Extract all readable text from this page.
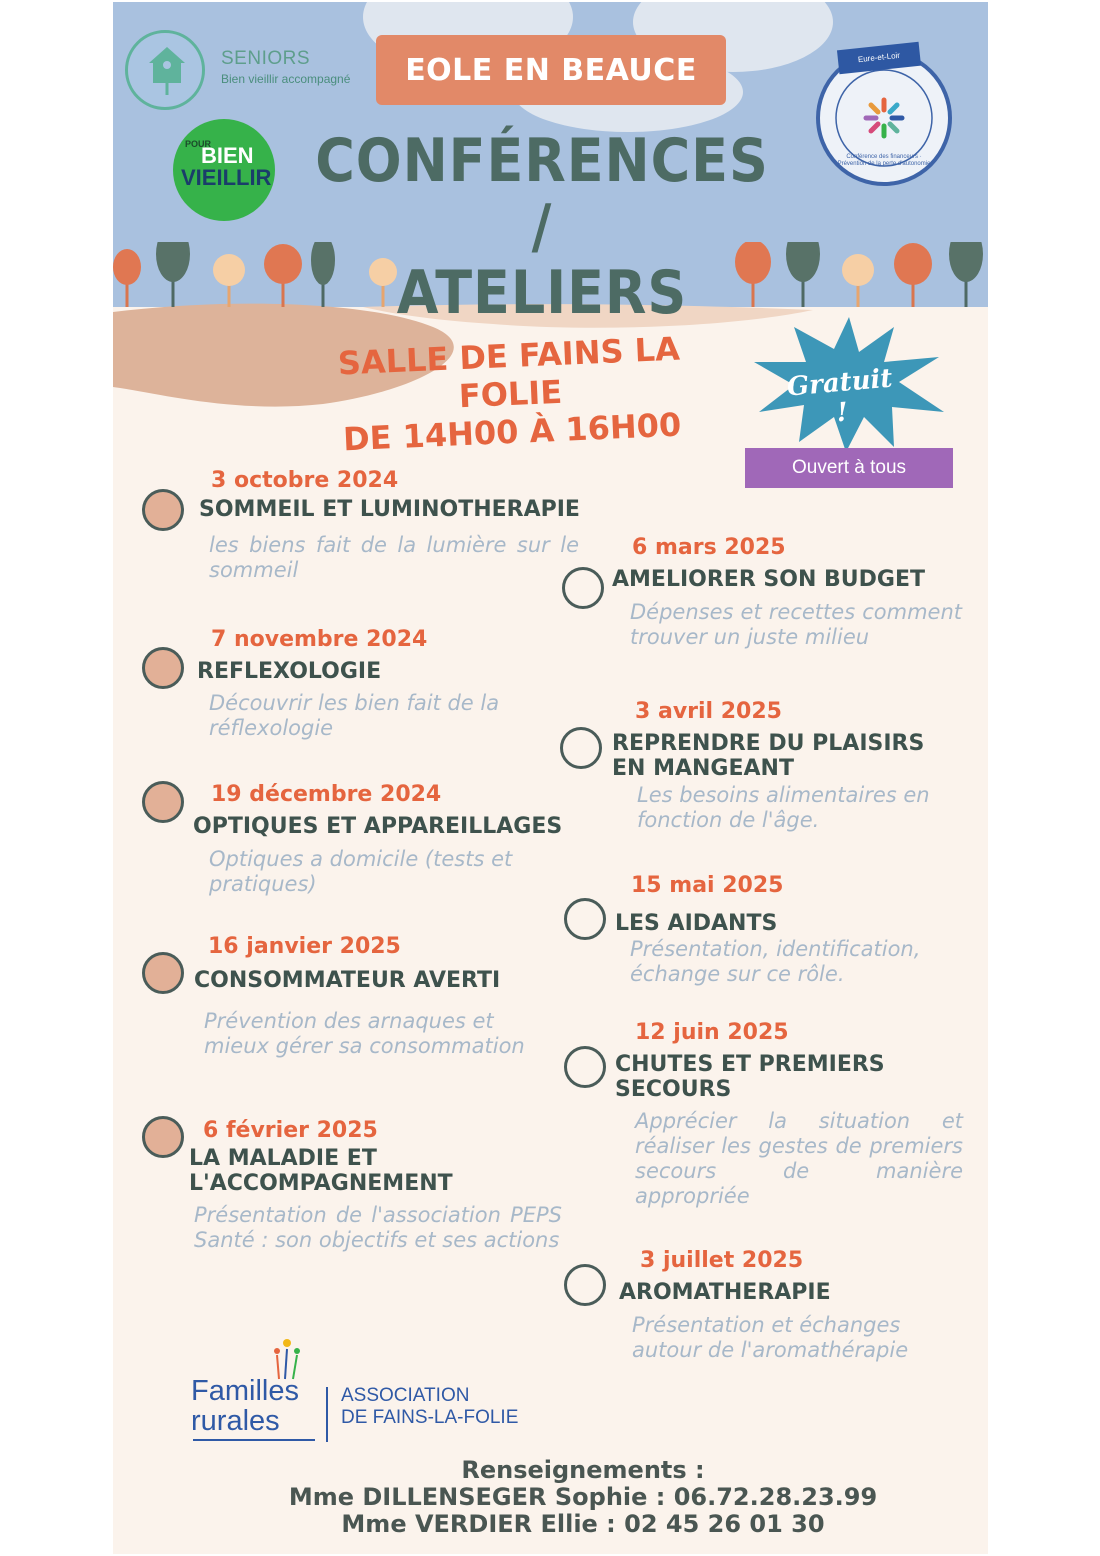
SENIORS
Bien vieillir accompagné	EOLE EN BEAUCE
POUR
BIEN
VIEILLIR CONFÉRENCES /
ATELIERS
Eure-et-Loir
Conférence des financeurs · Prévention de la perte d'autonomie
SALLE DE FAINS LA FOLIE
DE 14H00 À 16H00
Gratuit !
Ouvert à tous
3 octobre 2024
SOMMEIL ET LUMINOTHERAPIE
les biens fait de la lumière sur le sommeil
7 novembre 2024
REFLEXOLOGIE
Découvrir les bien fait de la réflexologie
19 décembre 2024
OPTIQUES ET APPAREILLAGES
Optiques a domicile (tests et pratiques)
16 janvier 2025
CONSOMMATEUR AVERTI
Prévention des arnaques et mieux gérer sa consommation
6 février 2025
LA MALADIE ET L'ACCOMPAGNEMENT
Présentation de l'association PEPS Santé : son objectifs et ses actions
6 mars 2025
AMELIORER SON BUDGET
Dépenses et recettes comment trouver un juste milieu
3 avril 2025
REPRENDRE DU PLAISIRS EN MANGEANT
Les besoins alimentaires en fonction de l'âge.
15 mai 2025
LES AIDANTS
Présentation, identification, échange sur ce rôle.
12 juin 2025
CHUTES ET PREMIERS SECOURS
Apprécier la situation et réaliser les gestes de premiers secours de manière appropriée
3 juillet 2025
AROMATHERAPIE
Présentation et échanges autour de l'aromathérapie
Familles
rurales
ASSOCIATION
DE FAINS-LA-FOLIE
Renseignements :
Mme DILLENSEGER Sophie : 06.72.28.23.99
Mme VERDIER Ellie : 02 45 26 01 30
